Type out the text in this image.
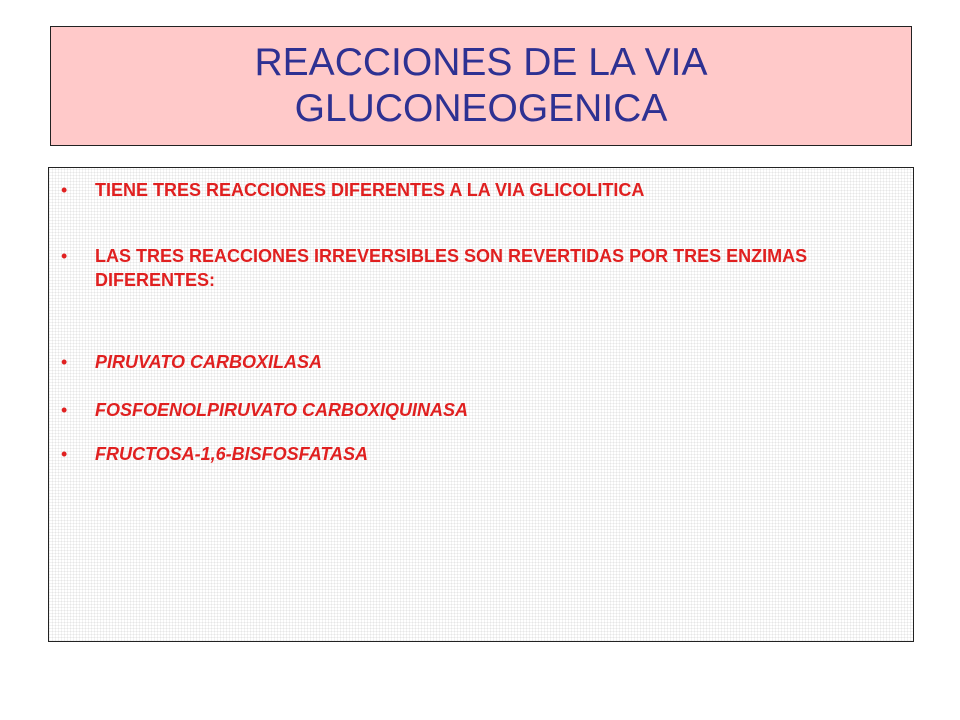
REACCIONES DE LA VIA
GLUCONEOGENICA
• TIENE TRES REACCIONES DIFERENTES A LA VIA GLICOLITICA
• LAS TRES REACCIONES IRREVERSIBLES SON REVERTIDAS POR TRES ENZIMAS DIFERENTES:
• PIRUVATO CARBOXILASA
• FOSFOENOLPIRUVATO CARBOXIQUINASA
• FRUCTOSA-1,6-BISFOSFATASA
